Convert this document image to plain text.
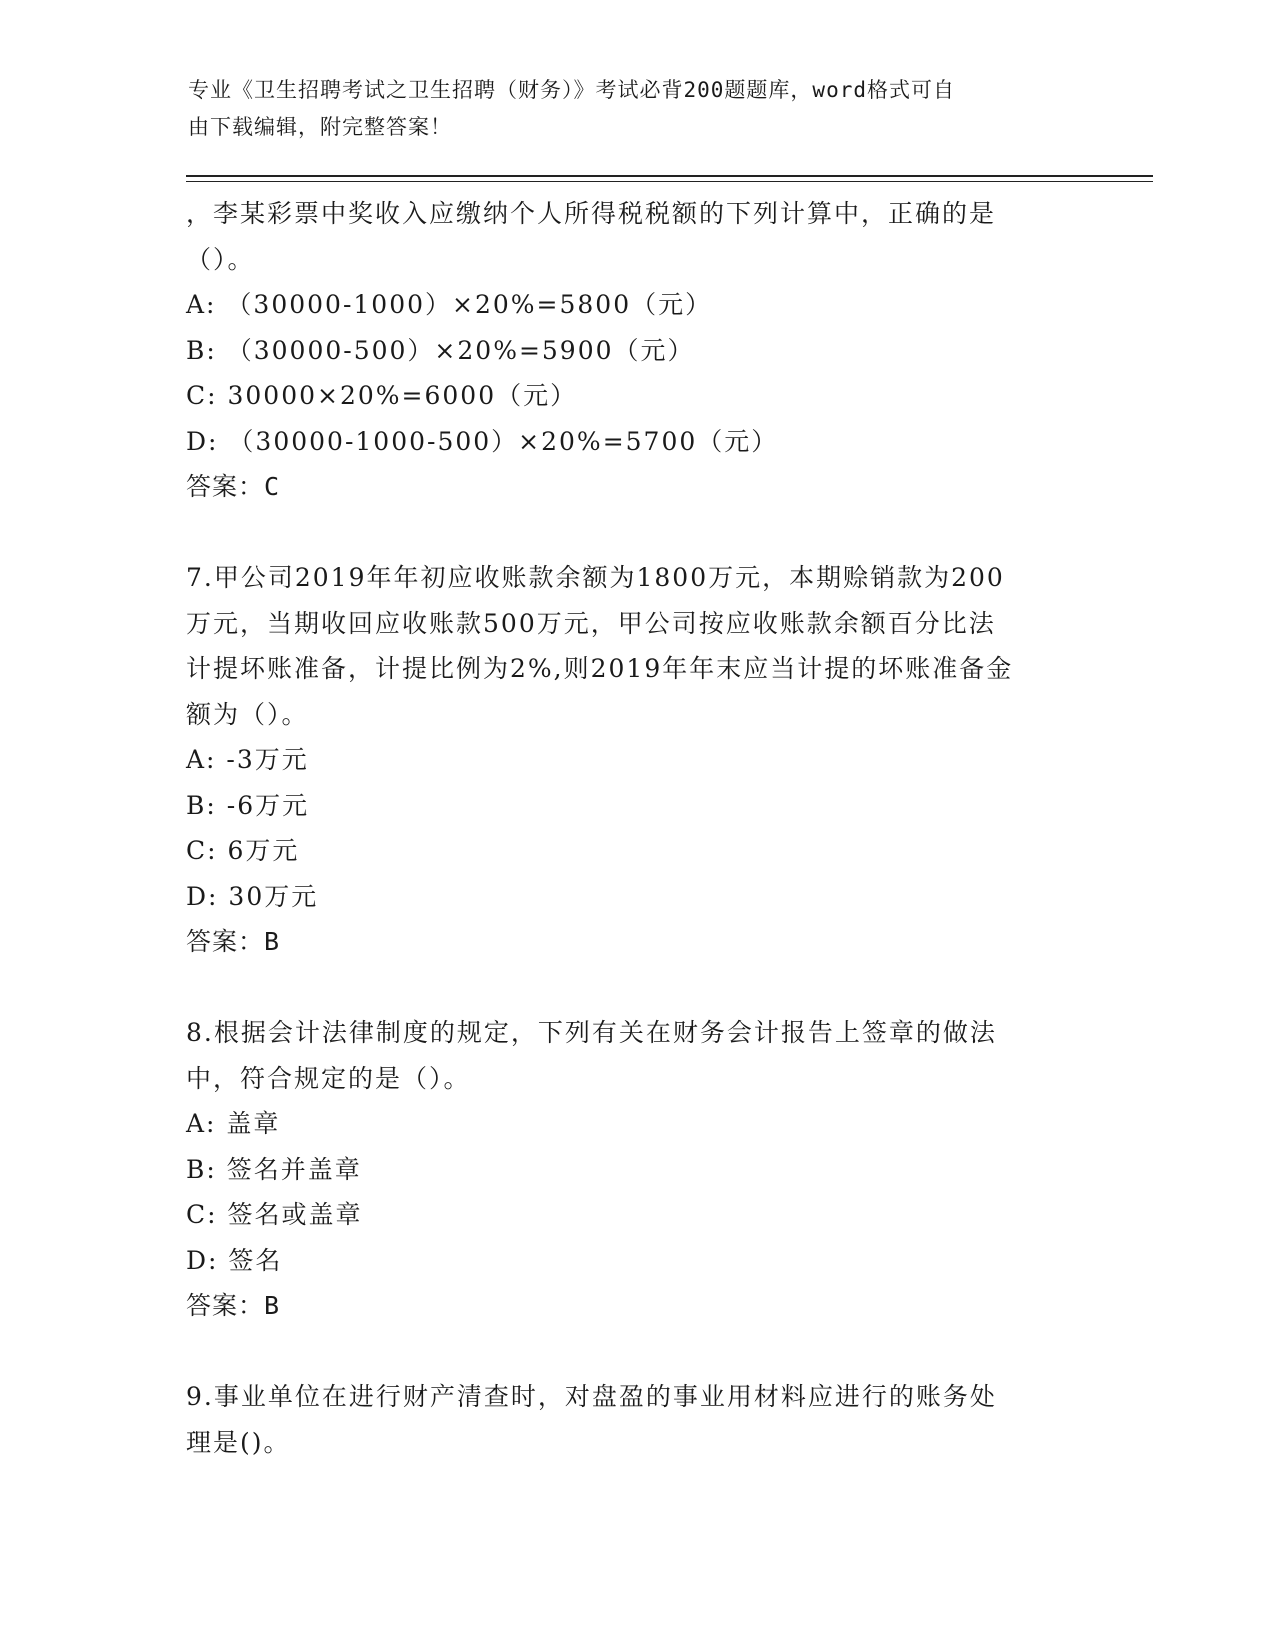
专业《卫生招聘考试之卫生招聘（财务）》考试必背200题题库，word格式可自
由下载编辑，附完整答案！

，李某彩票中奖收入应缴纳个人所得税税额的下列计算中，正确的是

（）。

A: （30000-1000）×20%=5800（元）

B: （30000-500）×20%=5900（元）

C: 30000×20%=6000（元）

D: （30000-1000-500）×20%=5700（元）

答案：C

7.甲公司2019年年初应收账款余额为1800万元，本期赊销款为200

万元，当期收回应收账款500万元，甲公司按应收账款余额百分比法

计提坏账准备，计提比例为2%,则2019年年末应当计提的坏账准备金

额为（）。

A: -3万元

B: -6万元

C: 6万元

D: 30万元

答案：B

8.根据会计法律制度的规定，下列有关在财务会计报告上签章的做法

中，符合规定的是（）。

A: 盖章

B: 签名并盖章

C: 签名或盖章

D: 签名

答案：B

9.事业单位在进行财产清查时，对盘盈的事业用材料应进行的账务处

理是()。
